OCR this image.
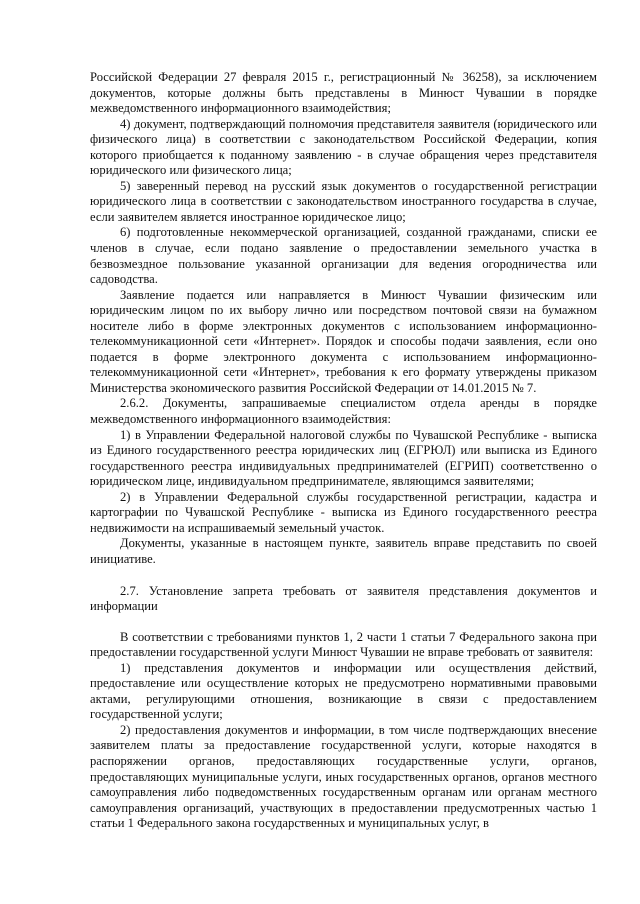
Российской Федерации 27 февраля 2015 г., регистрационный № 36258), за исключением документов, которые должны быть представлены в Минюст Чувашии в порядке межведомственного информационного взаимодействия;

4) документ, подтверждающий полномочия представителя заявителя (юридического или физического лица) в соответствии с законодательством Российской Федерации, копия которого приобщается к поданному заявлению - в случае обращения через представителя юридического или физического лица;

5) заверенный перевод на русский язык документов о государственной регистрации юридического лица в соответствии с законодательством иностранного государства в случае, если заявителем является иностранное юридическое лицо;

6) подготовленные некоммерческой организацией, созданной гражданами, списки ее членов в случае, если подано заявление о предоставлении земельного участка в безвозмездное пользование указанной организации для ведения огородничества или садоводства.

Заявление подается или направляется в Минюст Чувашии физическим или юридическим лицом по их выбору лично или посредством почтовой связи на бумажном носителе либо в форме электронных документов с использованием информационно-телекоммуникационной сети «Интернет». Порядок и способы подачи заявления, если оно подается в форме электронного документа с использованием информационно-телекоммуникационной сети «Интернет», требования к его формату утверждены приказом Министерства экономического развития Российской Федерации от 14.01.2015 № 7.

2.6.2. Документы, запрашиваемые специалистом отдела аренды в порядке межведомственного информационного взаимодействия:

1) в Управлении Федеральной налоговой службы по Чувашской Республике - выписка из Единого государственного реестра юридических лиц (ЕГРЮЛ) или выписка из Единого государственного реестра индивидуальных предпринимателей (ЕГРИП) соответственно о юридическом лице, индивидуальном предпринимателе, являющимся заявителями;

2) в Управлении Федеральной службы государственной регистрации, кадастра и картографии по Чувашской Республике - выписка из Единого государственного реестра недвижимости на испрашиваемый земельный участок.

Документы, указанные в настоящем пункте, заявитель вправе представить по своей инициативе.

2.7. Установление запрета требовать от заявителя представления документов и информации

В соответствии с требованиями пунктов 1, 2 части 1 статьи 7 Федерального закона при предоставлении государственной услуги Минюст Чувашии не вправе требовать от заявителя:

1) представления документов и информации или осуществления действий, предоставление или осуществление которых не предусмотрено нормативными правовыми актами, регулирующими отношения, возникающие в связи с предоставлением государственной услуги;

2) предоставления документов и информации, в том числе подтверждающих внесение заявителем платы за предоставление государственной услуги, которые находятся в распоряжении органов, предоставляющих государственные услуги, органов, предоставляющих муниципальные услуги, иных государственных органов, органов местного самоуправления либо подведомственных государственным органам или органам местного самоуправления организаций, участвующих в предоставлении предусмотренных частью 1 статьи 1 Федерального закона государственных и муниципальных услуг, в
